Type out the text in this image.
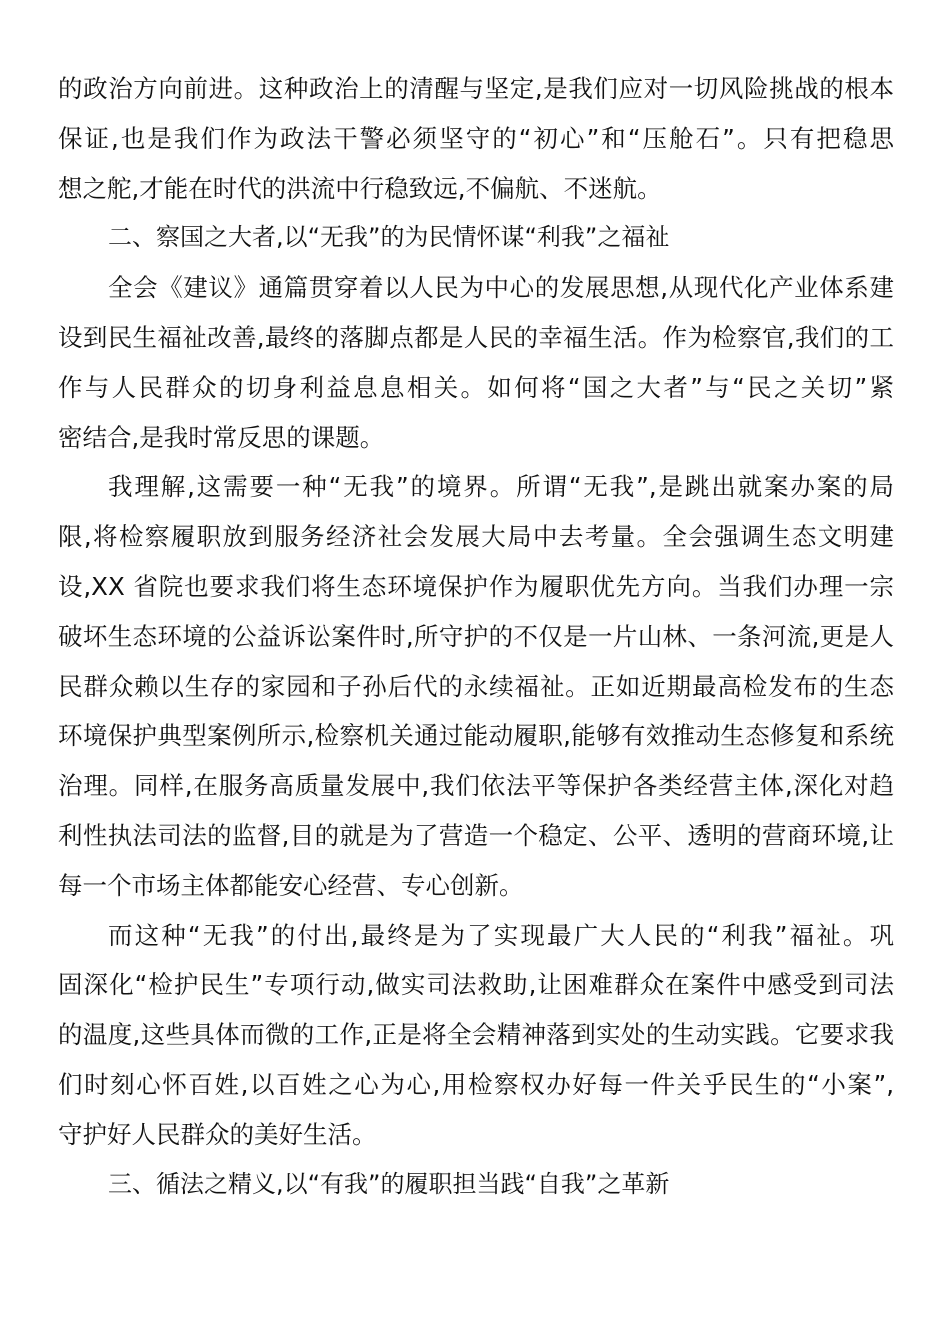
的政治方向前进。这种政治上的清醒与坚定,是我们应对一切风险挑战的根本
保证,也是我们作为政法干警必须坚守的“初心”和“压舱石”。只有把稳思
想之舵,才能在时代的洪流中行稳致远,不偏航、不迷航。
二、察国之大者,以“无我”的为民情怀谋“利我”之福祉
全会《建议》通篇贯穿着以人民为中心的发展思想,从现代化产业体系建
设到民生福祉改善,最终的落脚点都是人民的幸福生活。作为检察官,我们的工
作与人民群众的切身利益息息相关。如何将“国之大者”与“民之关切”紧
密结合,是我时常反思的课题。
我理解,这需要一种“无我”的境界。所谓“无我”,是跳出就案办案的局
限,将检察履职放到服务经济社会发展大局中去考量。全会强调生态文明建
设,XX 省院也要求我们将生态环境保护作为履职优先方向。当我们办理一宗
破坏生态环境的公益诉讼案件时,所守护的不仅是一片山林、一条河流,更是人
民群众赖以生存的家园和子孙后代的永续福祉。正如近期最高检发布的生态
环境保护典型案例所示,检察机关通过能动履职,能够有效推动生态修复和系统
治理。同样,在服务高质量发展中,我们依法平等保护各类经营主体,深化对趋
利性执法司法的监督,目的就是为了营造一个稳定、公平、透明的营商环境,让
每一个市场主体都能安心经营、专心创新。
而这种“无我”的付出,最终是为了实现最广大人民的“利我”福祉。巩
固深化“检护民生”专项行动,做实司法救助,让困难群众在案件中感受到司法
的温度,这些具体而微的工作,正是将全会精神落到实处的生动实践。它要求我
们时刻心怀百姓,以百姓之心为心,用检察权办好每一件关乎民生的“小案”,
守护好人民群众的美好生活。
三、循法之精义,以“有我”的履职担当践“自我”之革新
